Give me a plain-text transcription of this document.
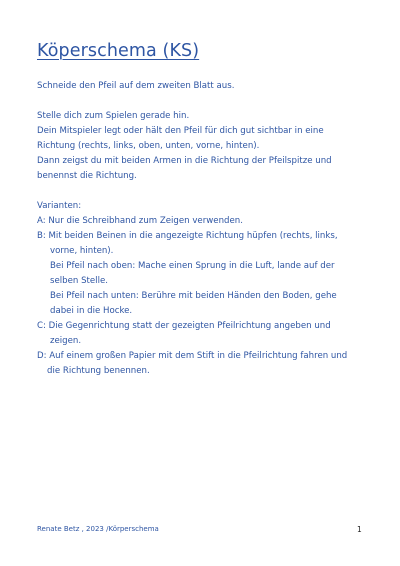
Köperschema (KS)
Schneide den Pfeil auf dem zweiten Blatt aus.
Stelle dich zum Spielen gerade hin.
Dein Mitspieler legt oder hält den Pfeil für dich gut sichtbar in eine
Richtung (rechts, links, oben, unten, vorne, hinten).
Dann zeigst du mit beiden Armen in die Richtung der Pfeilspitze und
benennst die Richtung.
Varianten:
A: Nur die Schreibhand zum Zeigen verwenden.
B: Mit beiden Beinen in die angezeigte Richtung hüpfen (rechts, links,
vorne, hinten).
Bei Pfeil nach oben: Mache einen Sprung in die Luft, lande auf der
selben Stelle.
Bei Pfeil nach unten: Berühre mit beiden Händen den Boden, gehe
dabei in die Hocke.
C: Die Gegenrichtung statt der gezeigten Pfeilrichtung angeben und
zeigen.
D: Auf einem großen Papier mit dem Stift in die Pfeilrichtung fahren und
die Richtung benennen.
Renate Betz , 2023 /Körperschema	1
